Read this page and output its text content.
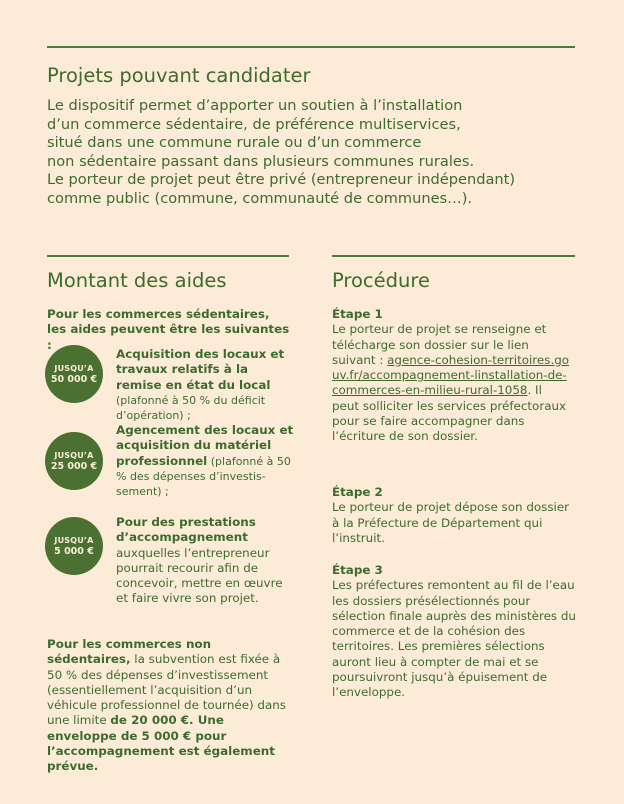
Projets pouvant candidater
Le dispositif permet d’apporter un soutien à l’installation
d’un commerce sédentaire, de préférence multiservices,
situé dans une commune rurale ou d’un commerce
non sédentaire passant dans plusieurs communes rurales.
Le porteur de projet peut être privé (entrepreneur indépendant)
comme public (commune, communauté de communes…).
Montant des aides
Pour les commerces sédentaires,
les aides peuvent être les suivantes :
JUSQU’A
50 000 €
Acquisition des locaux et travaux relatifs à la remise en état du local (plafonné à 50 % du déficit d’opération) ;
JUSQU’A
25 000 €
Agencement des locaux et acquisition du matériel professionnel (plafonné à 50 % des dépenses d’investis-sement) ;
JUSQU’A
5 000 €
Pour des prestations d’accompagnement auxquelles l’entrepreneur pourrait recourir afin de concevoir, mettre en œuvre et faire vivre son projet.
Pour les commerces non sédentaires, la subvention est fixée à 50 % des dépenses d’investissement (essentiellement l’acquisition d’un véhicule professionnel de tournée) dans une limite de 20 000 €. Une enveloppe de 5 000 € pour l’accompagnement est également prévue.
Procédure
Étape 1
Le porteur de projet se renseigne et télécharge son dossier sur le lien suivant : agence-cohesion-territoires.gouv.fr/accompagnement-linstallation-de-commerces-en-milieu-rural-1058. Il peut solliciter les services préfectoraux pour se faire accompagner dans l’écriture de son dossier.
Étape 2
Le porteur de projet dépose son dossier à la Préfecture de Département qui l’instruit.
Étape 3
Les préfectures remontent au fil de l’eau les dossiers présélectionnés pour sélection finale auprès des ministères du commerce et de la cohésion des territoires. Les premières sélections auront lieu à compter de mai et se poursuivront jusqu’à épuisement de l’enveloppe.
